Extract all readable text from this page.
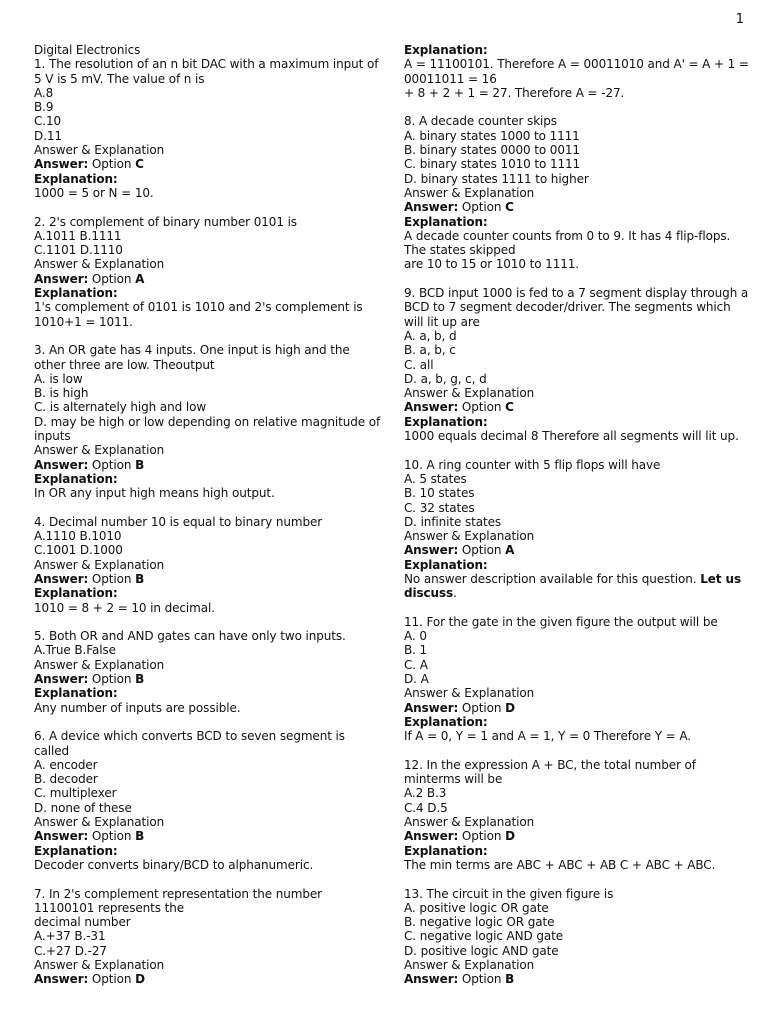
1
Digital Electronics
1. The resolution of an n bit DAC with a maximum input of 5 V is 5 mV. The value of n is
A.8
B.9
C.10
D.11
Answer & Explanation
Answer: Option C
Explanation:
1000 = 5 or N = 10.
2. 2's complement of binary number 0101 is
A.1011 B.1111
C.1101 D.1110
Answer & Explanation
Answer: Option A
Explanation:
1's complement of 0101 is 1010 and 2's complement is 1010+1 = 1011.
3. An OR gate has 4 inputs. One input is high and the other three are low. Theoutput
A. is low
B. is high
C. is alternately high and low
D. may be high or low depending on relative magnitude of inputs
Answer & Explanation
Answer: Option B
Explanation:
In OR any input high means high output.
4. Decimal number 10 is equal to binary number
A.1110 B.1010
C.1001 D.1000
Answer & Explanation
Answer: Option B
Explanation:
1010 = 8 + 2 = 10 in decimal.
5. Both OR and AND gates can have only two inputs.
A.True B.False
Answer & Explanation
Answer: Option B
Explanation:
Any number of inputs are possible.
6. A device which converts BCD to seven segment is called
A. encoder
B. decoder
C. multiplexer
D. none of these
Answer & Explanation
Answer: Option B
Explanation:
Decoder converts binary/BCD to alphanumeric.
7. In 2's complement representation the number 11100101 represents the
decimal number
A.+37 B.-31
C.+27 D.-27
Answer & Explanation
Answer: Option D
Explanation:
A = 11100101. Therefore A = 00011010 and A' = A + 1 = 00011011 = 16
+ 8 + 2 + 1 = 27. Therefore A = -27.
8. A decade counter skips
A. binary states 1000 to 1111
B. binary states 0000 to 0011
C. binary states 1010 to 1111
D. binary states 1111 to higher
Answer & Explanation
Answer: Option C
Explanation:
A decade counter counts from 0 to 9. It has 4 flip-flops. The states skipped
are 10 to 15 or 1010 to 1111.
9. BCD input 1000 is fed to a 7 segment display through a BCD to 7 segment decoder/driver. The segments which will lit up are
A. a, b, d
B. a, b, c
C. all
D. a, b, g, c, d
Answer & Explanation
Answer: Option C
Explanation:
1000 equals decimal 8 Therefore all segments will lit up.
10. A ring counter with 5 flip flops will have
A. 5 states
B. 10 states
C. 32 states
D. infinite states
Answer & Explanation
Answer: Option A
Explanation:
No answer description available for this question. Let us discuss.
11. For the gate in the given figure the output will be
A. 0
B. 1
C. A
D. A
Answer & Explanation
Answer: Option D
Explanation:
If A = 0, Y = 1 and A = 1, Y = 0 Therefore Y = A.
12. In the expression A + BC, the total number of minterms will be
A.2 B.3
C.4 D.5
Answer & Explanation
Answer: Option D
Explanation:
The min terms are ABC + ABC + AB C + ABC + ABC.
13. The circuit in the given figure is
A. positive logic OR gate
B. negative logic OR gate
C. negative logic AND gate
D. positive logic AND gate
Answer & Explanation
Answer: Option B
